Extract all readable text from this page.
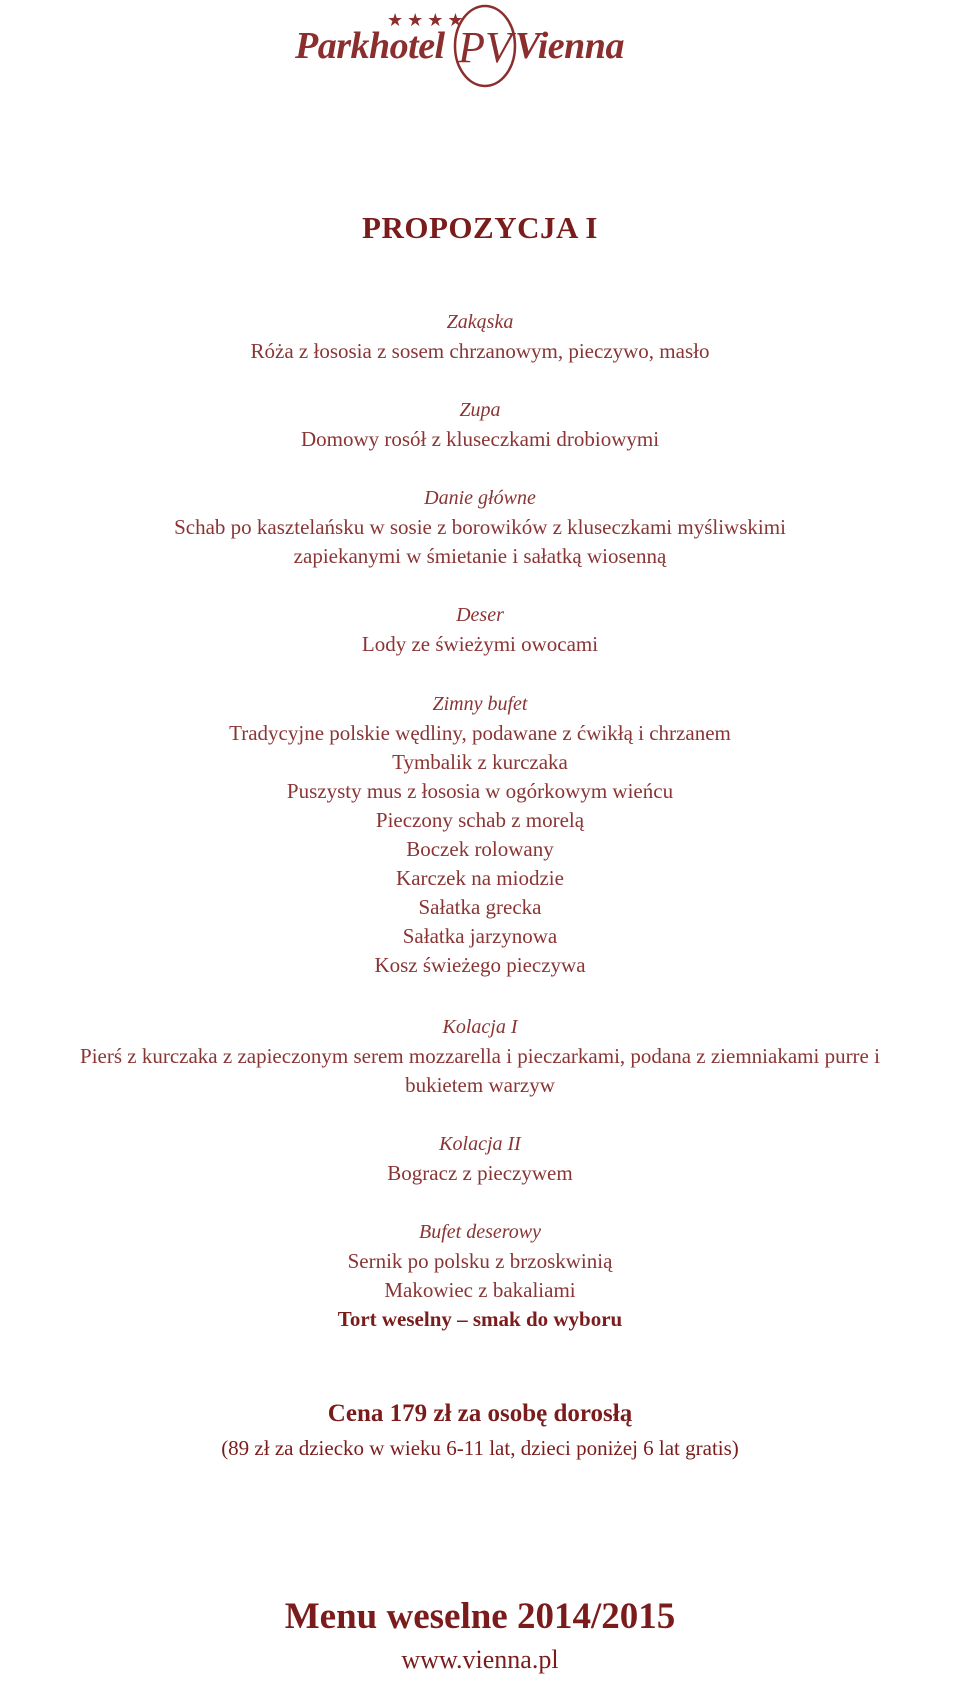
★★★★
Parkhotel PV Vienna
PROPOZYCJA I
Zakąska
Róża z łososia z sosem chrzanowym, pieczywo, masło
Zupa
Domowy rosół z kluseczkami drobiowymi
Danie główne
Schab po kasztelańsku w sosie z borowików z kluseczkami myśliwskimi
zapiekanymi w śmietanie i sałatką wiosenną
Deser
Lody ze świeżymi owocami
Zimny bufet
Tradycyjne polskie wędliny, podawane z ćwikłą i chrzanem
Tymbalik z kurczaka
Puszysty mus z łososia w ogórkowym wieńcu
Pieczony schab z morelą
Boczek rolowany
Karczek na miodzie
Sałatka grecka
Sałatka jarzynowa
Kosz świeżego pieczywa
Kolacja I
Pierś z kurczaka z zapieczonym serem mozzarella i pieczarkami, podana z ziemniakami purre i
bukietem warzyw
Kolacja II
Bogracz z pieczywem
Bufet deserowy
Sernik po polsku z brzoskwinią
Makowiec z bakaliami
Tort weselny – smak do wyboru
Cena 179 zł za osobę dorosłą
(89 zł za dziecko w wieku 6-11 lat, dzieci poniżej 6 lat gratis)
Menu weselne 2014/2015
www.vienna.pl
